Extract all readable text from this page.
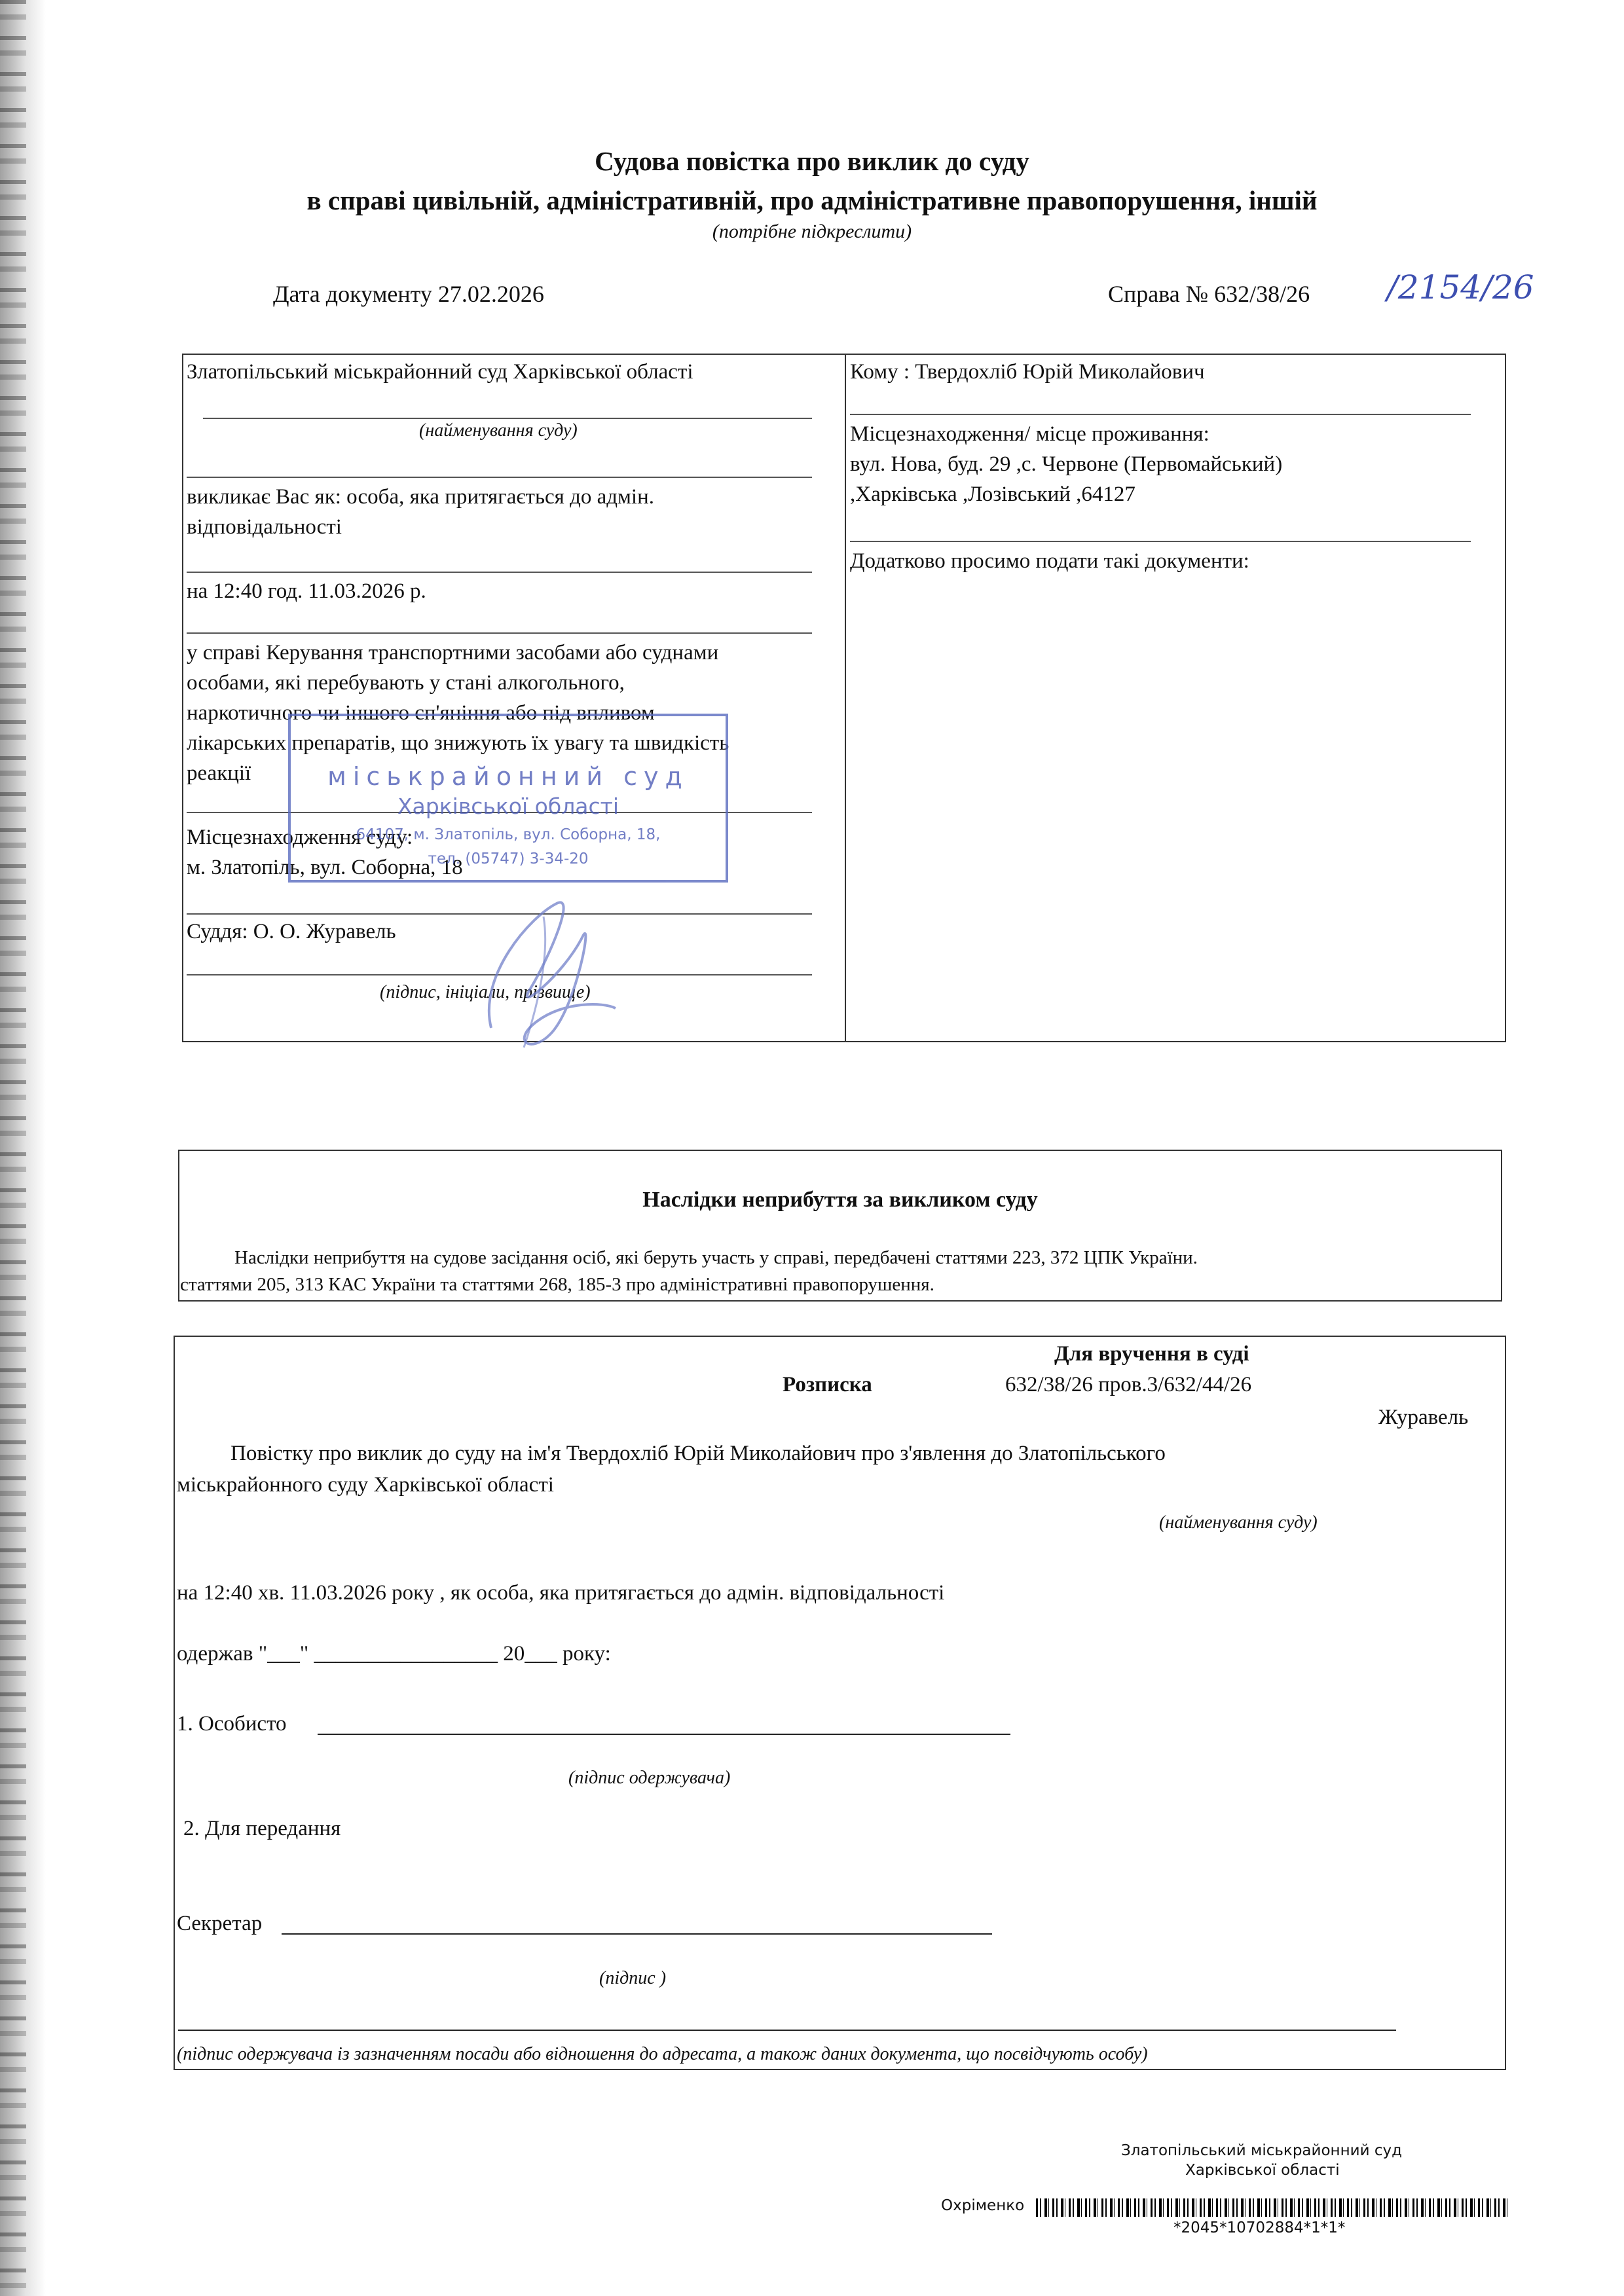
Судова повістка про виклик до суду
в справі цивільній, адміністративній, про адміністративне правопорушення, іншій
(потрібне підкреслити)
Дата документу 27.02.2026	Справа № 632/38/26 /2154/26
Златопільський міськрайонний суд Харківської області
(найменування суду)
викликає Вас як: особа, яка притягається до адмін.
відповідальності
на 12:40 год. 11.03.2026 р.
у справі Керування транспортними засобами або суднами
особами, які перебувають у стані алкогольного,
наркотичного чи іншого сп'яніння або під впливом
лікарських препаратів, що знижують їх увагу та швидкість
реакції
Місцезнаходження суду:
м. Златопіль, вул. Соборна, 18
Суддя: О. О. Журавель
(підпис, ініціали, прізвище)
міськрайонний суд
Харківської області
64107, м. Златопіль, вул. Соборна, 18,
тел. (05747) 3-34-20
Кому : Твердохліб Юрій Миколайович
Місцезнаходження/ місце проживання:
вул. Нова, буд. 29 ,с. Червоне (Первомайський)
,Харківська ,Лозівський ,64127
Додатково просимо подати такі документи:
Наслідки неприбуття за викликом суду
Наслідки неприбуття на судове засідання осіб, які беруть участь у справі, передбачені статтями 223, 372 ЦПК України.
статтями 205, 313 КАС України та статтями 268, 185-3 про адміністративні правопорушення.
Для вручення в суді
Розписка	632/38/26 пров.3/632/44/26
Журавель
Повістку про виклик до суду на ім'я Твердохліб Юрій Миколайович про з'явлення до Златопільського
міськрайонного суду Харківської області
(найменування суду)
на 12:40 хв. 11.03.2026 року , як особа, яка притягається до адмін. відповідальності
одержав "___" _________________ 20___ року:
1. Особисто
(підпис одержувача)
2. Для передання
Секретар
(підпис )
(підпис одержувача із зазначенням посади або відношення до адресата, а також даних документа, що посвідчують особу)
Златопільський міськрайонний суд
Харківської області
Охріменко
*2045*10702884*1*1*
